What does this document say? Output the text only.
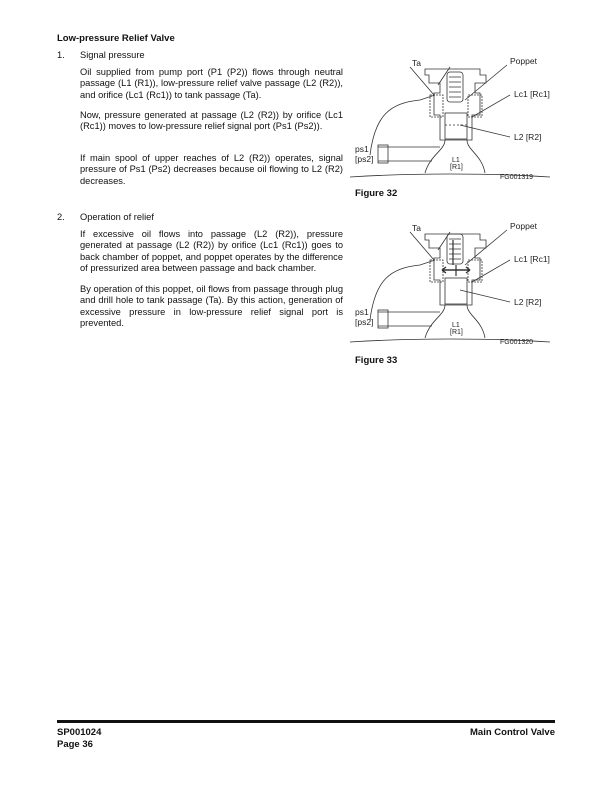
Low-pressure Relief Valve
1. Signal pressure

Oil supplied from pump port (P1 (P2)) flows through neutral passage (L1 (R1)), low-pressure relief valve passage (L2 (R2)), and orifice (Lc1 (Rc1)) to tank passage (Ta).

Now, pressure generated at passage (L2 (R2)) by orifice (Lc1 (Rc1)) moves to low-pressure relief signal port (Ps1 (Ps2)).

If main spool of upper reaches of L2 (R2)) operates, signal pressure of Ps1 (Ps2) decreases because oil flowing to L2 (R2) decreases.

2. Operation of relief

If excessive oil flows into passage (L2 (R2)), pressure generated at passage (L2 (R2)) by orifice (Lc1 (Rc1)) goes to back chamber of poppet, and poppet operates by the difference of pressurized area between passage and back chamber.

By operation of this poppet, oil flows from passage through plug and drill hole to tank passage (Ta). By this action, generation of excessive pressure in low-pressure relief signal port is prevented.

Ta	Poppet
Lc1 [Rc1]
L2 [R2]
ps1
[ps2]	L1
[R1]
FG001319
Figure 32
Ta	Poppet
Lc1 [Rc1]
L2 [R2]
ps1
[ps2]	L1
[R1]
FG001320
Figure 33
SP001024
Page 36
Main Control Valve
